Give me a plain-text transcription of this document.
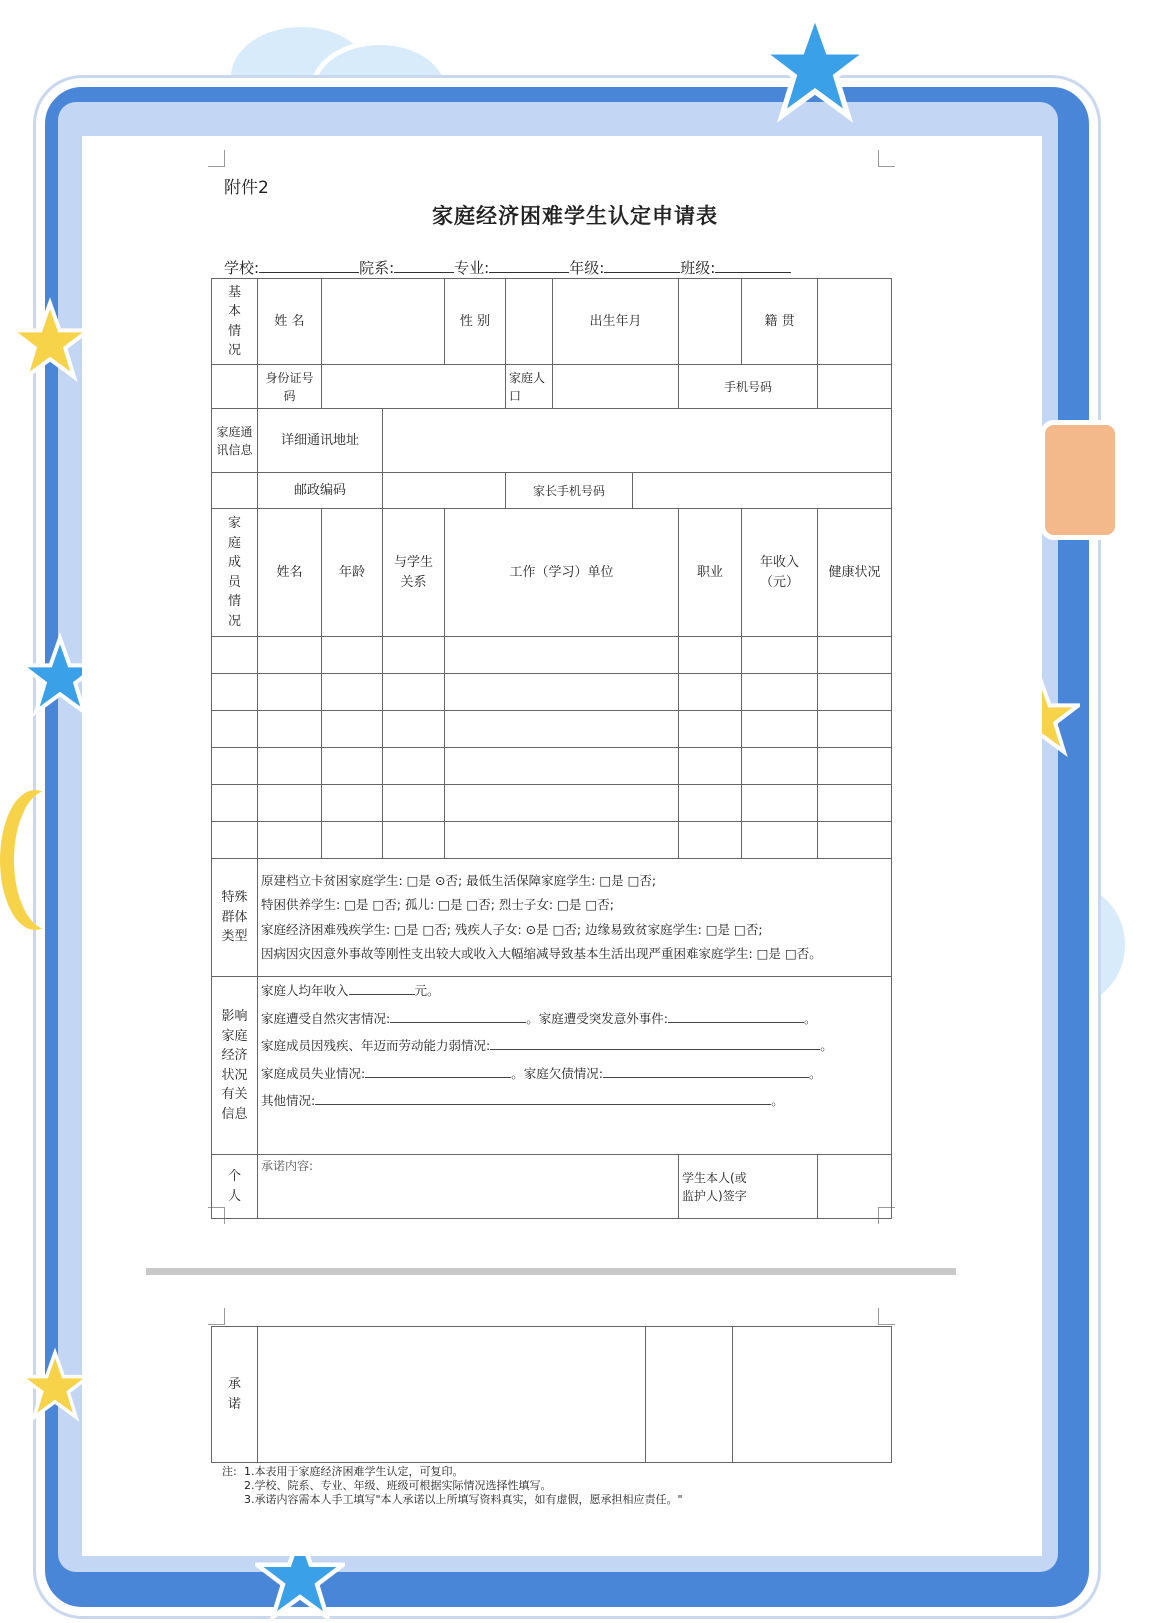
附件2
家庭经济困难学生认定申请表
学校:	院系:	专业:	年级:	班级:
基本情况	姓 名			性 别		出生年月			籍 贯	
	身份证号码				家庭人口			手机号码		

家庭通讯信息	详细通讯地址									
	邮政编码				家长手机号码					

家庭成员情况	姓名	年龄	与学生关系	工作（学习）单位				职业	年收入（元）	健康状况

特殊群体类型	原建档立卡贫困家庭学生: □是 ⊙否; 最低生活保障家庭学生: □是 □否;
特困供养学生: □是 □否; 孤儿: □是 □否; 烈士子女: □是 □否;
家庭经济困难残疾学生: □是 □否; 残疾人子女: ⊙是 □否; 边缘易致贫家庭学生: □是 □否;
因病因灾因意外事故等刚性支出较大或收入大幅缩减导致基本生活出现严重困难家庭学生: □是 □否。									

影响家庭经济状况有关信息	家庭人均年收入 元。
家庭遭受自然灾害情况: 。家庭遭受突发意外事件: 。
家庭成员因残疾、年迈而劳动能力弱情况: 。
家庭成员失业情况: 。家庭欠债情况: 。
其他情况: 。									

个人	承诺内容:							学生本人(或监护人)签字		

承诺

注: 1.本表用于家庭经济困难学生认定，可复印。
2.学校、院系、专业、年级、班级可根据实际情况选择性填写。
3.承诺内容需本人手工填写"本人承诺以上所填写资料真实，如有虚假，愿承担相应责任。"
